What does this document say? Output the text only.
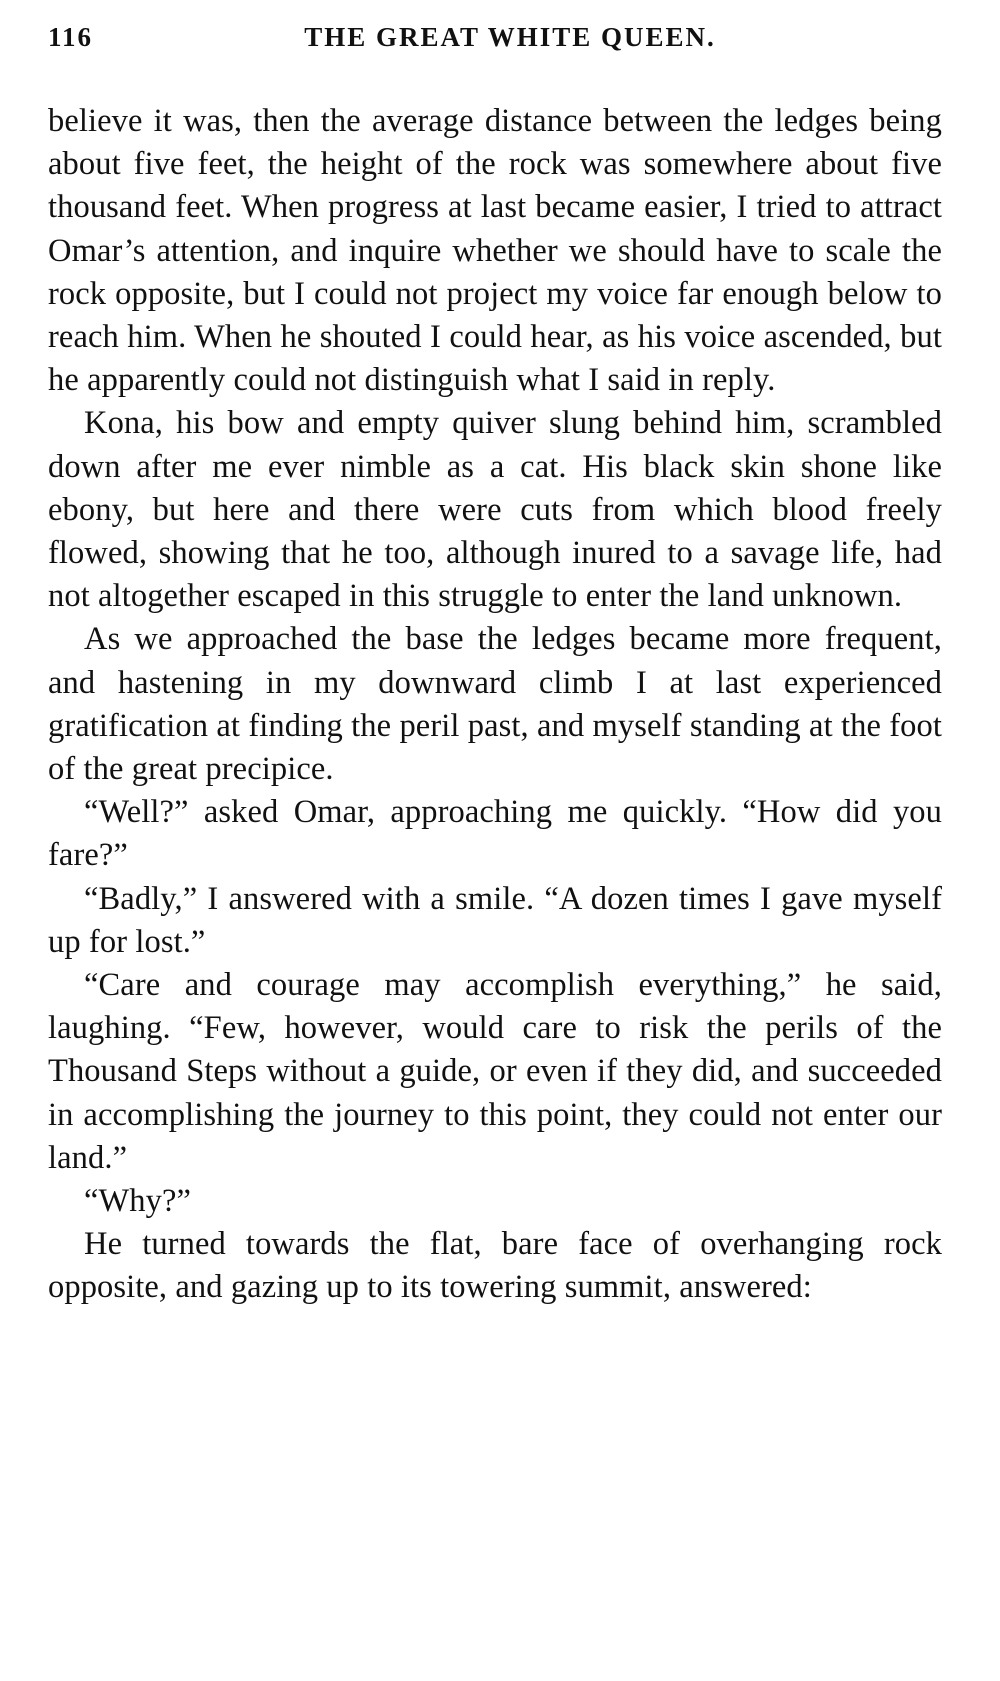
116	THE GREAT WHITE QUEEN.

believe it was, then the average distance between the ledges being about five feet, the height of the rock was somewhere about five thousand feet. When progress at last became easier, I tried to attract Omar’s attention, and inquire whether we should have to scale the rock opposite, but I could not project my voice far enough below to reach him. When he shouted I could hear, as his voice ascended, but he apparently could not distinguish what I said in reply.

Kona, his bow and empty quiver slung behind him, scrambled down after me ever nimble as a cat. His black skin shone like ebony, but here and there were cuts from which blood freely flowed, showing that he too, although inured to a savage life, had not altogether escaped in this struggle to enter the land unknown.

As we approached the base the ledges became more frequent, and hastening in my downward climb I at last experienced gratification at finding the peril past, and myself standing at the foot of the great precipice.

“Well?” asked Omar, approaching me quickly. “How did you fare?”

“Badly,” I answered with a smile. “A dozen times I gave myself up for lost.”

“Care and courage may accomplish everything,” he said, laughing. “Few, however, would care to risk the perils of the Thousand Steps without a guide, or even if they did, and succeeded in accomplishing the journey to this point, they could not enter our land.”

“Why?”

He turned towards the flat, bare face of overhanging rock opposite, and gazing up to its towering summit, answered:
